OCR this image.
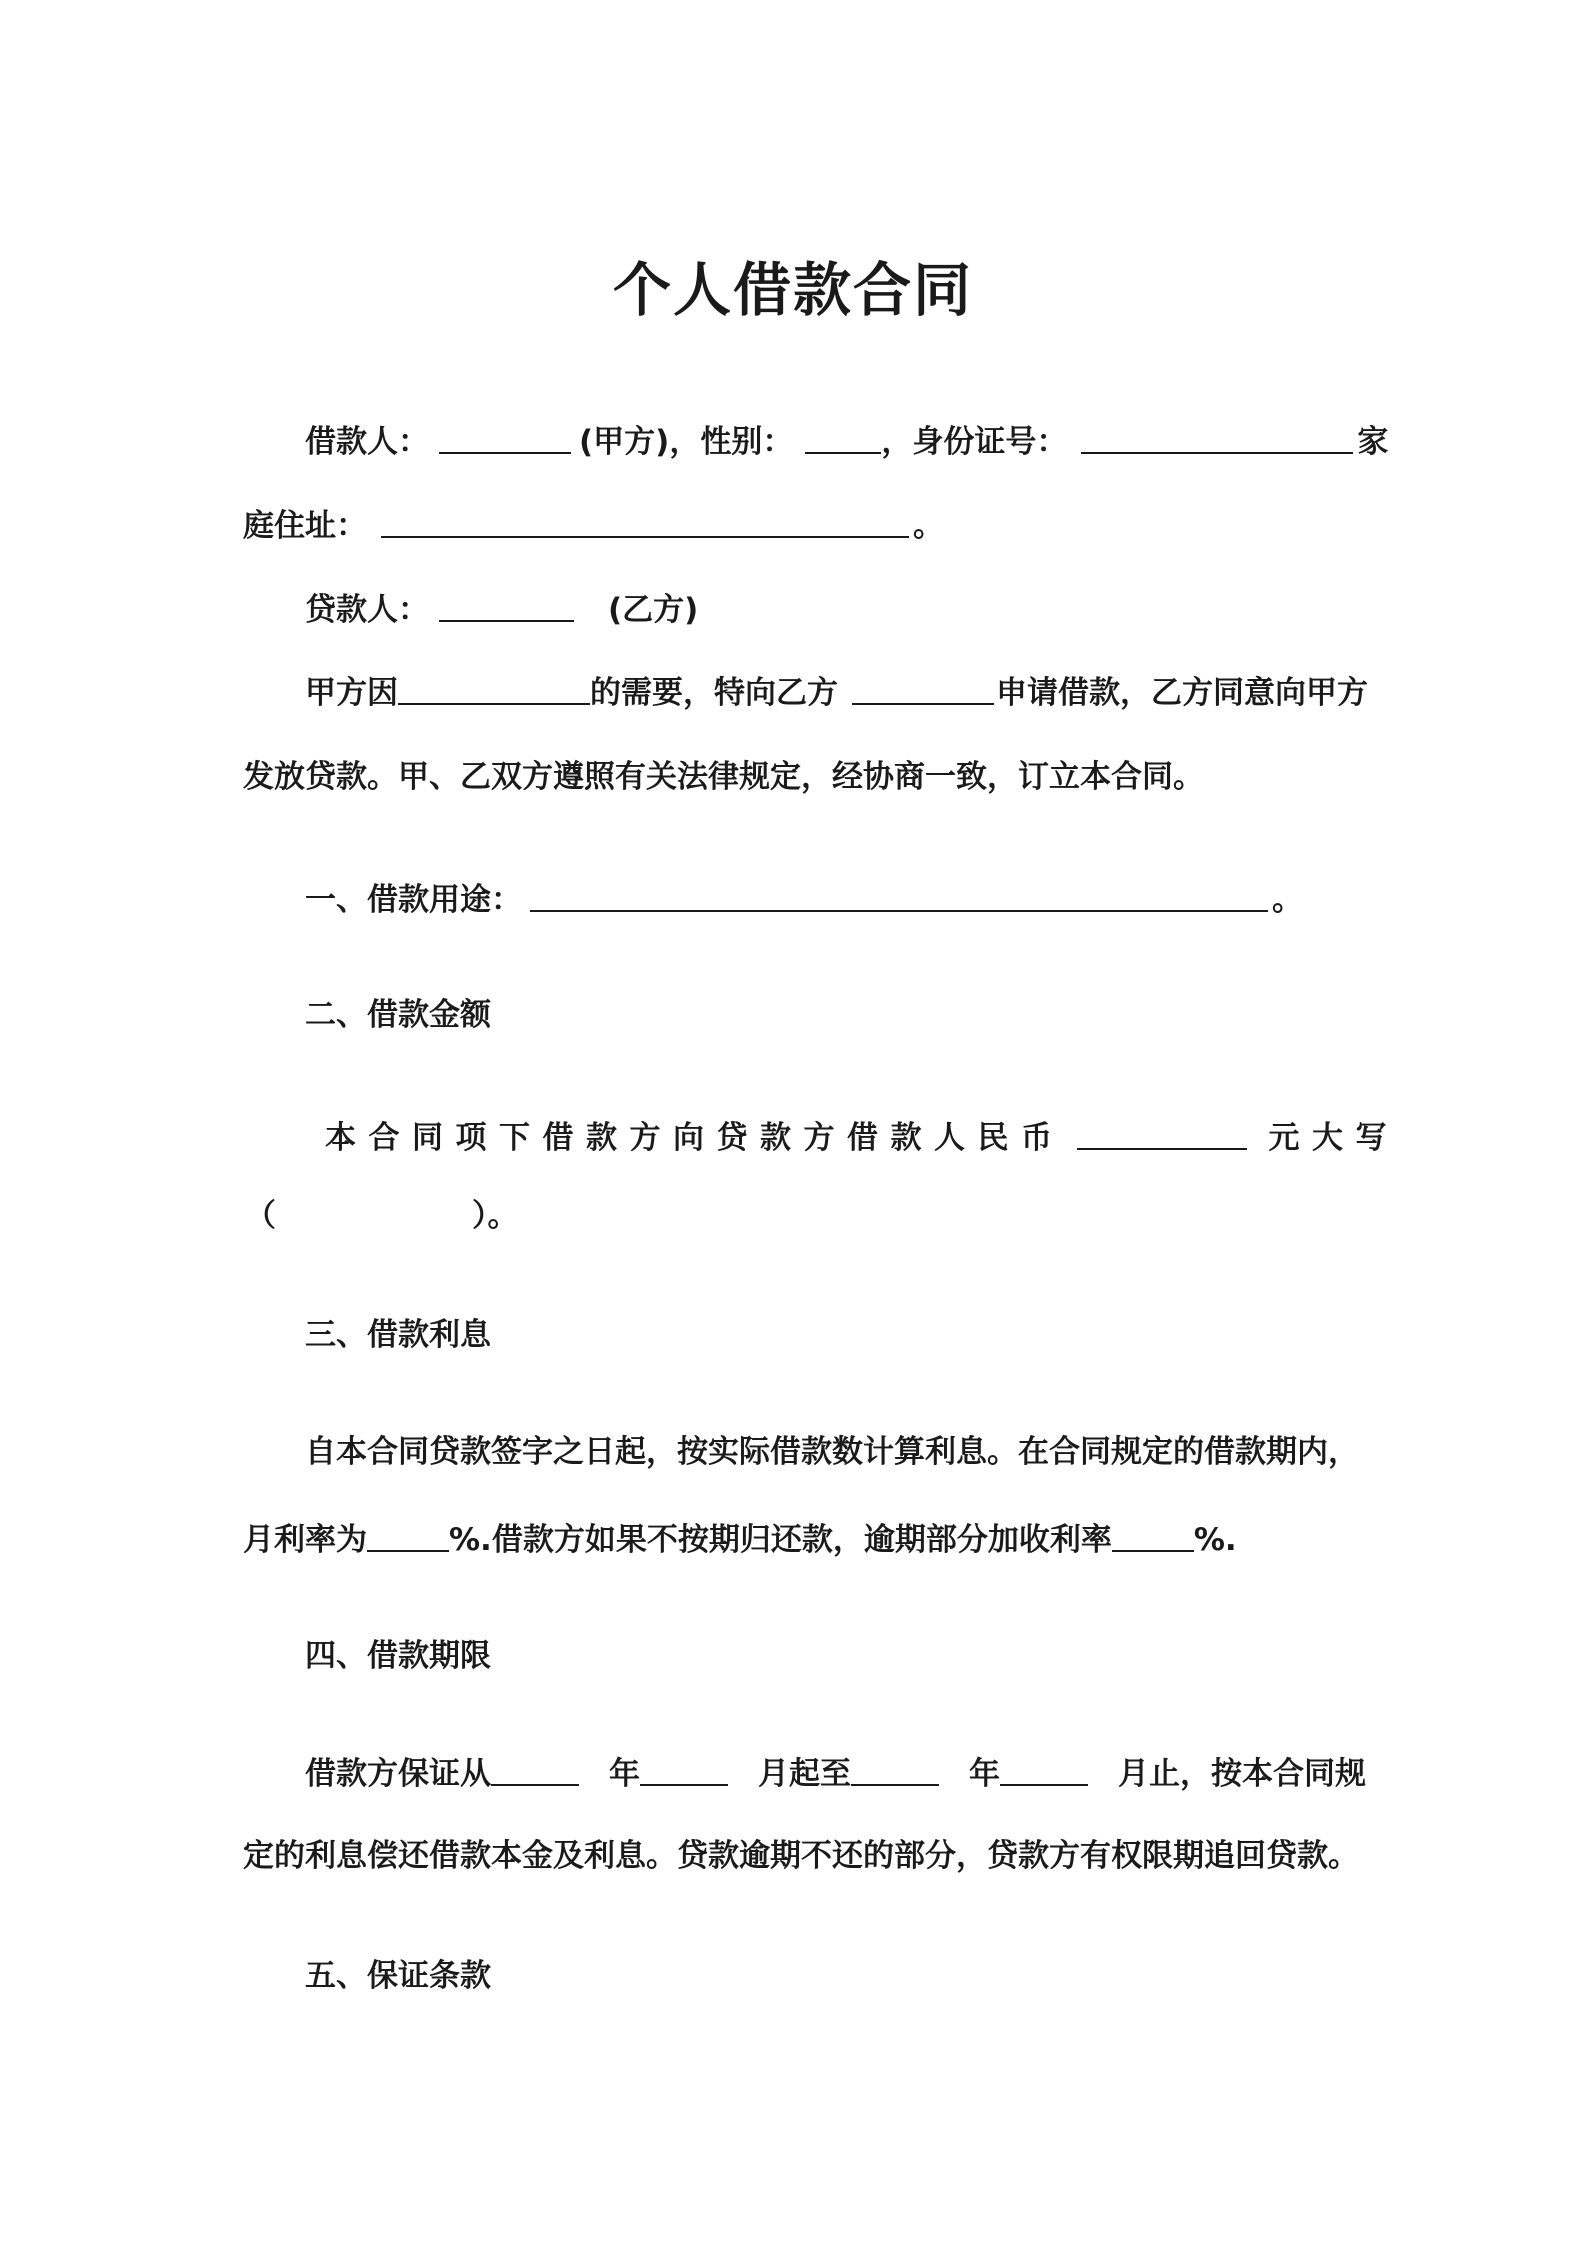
个人借款合同
借款人：	(甲方)，性别：	，身份证号：	家
庭住址：	。
贷款人：	(乙方)
甲方因	的需要，特向乙方	申请借款，乙方同意向甲方
发放贷款。甲、乙双方遵照有关法律规定，经协商一致，订立本合同。
一、借款用途：	。
二、借款金额
本合同项下借款方向贷款方借款人民币	元大写
（	）。
三、借款利息
自本合同贷款签字之日起，按实际借款数计算利息。在合同规定的借款期内，
月利率为	%.借款方如果不按期归还款，逾期部分加收利率	%.
四、借款期限
借款方保证从	年	月起至	年	月止，按本合同规
定的利息偿还借款本金及利息。贷款逾期不还的部分，贷款方有权限期追回贷款。
五、保证条款
